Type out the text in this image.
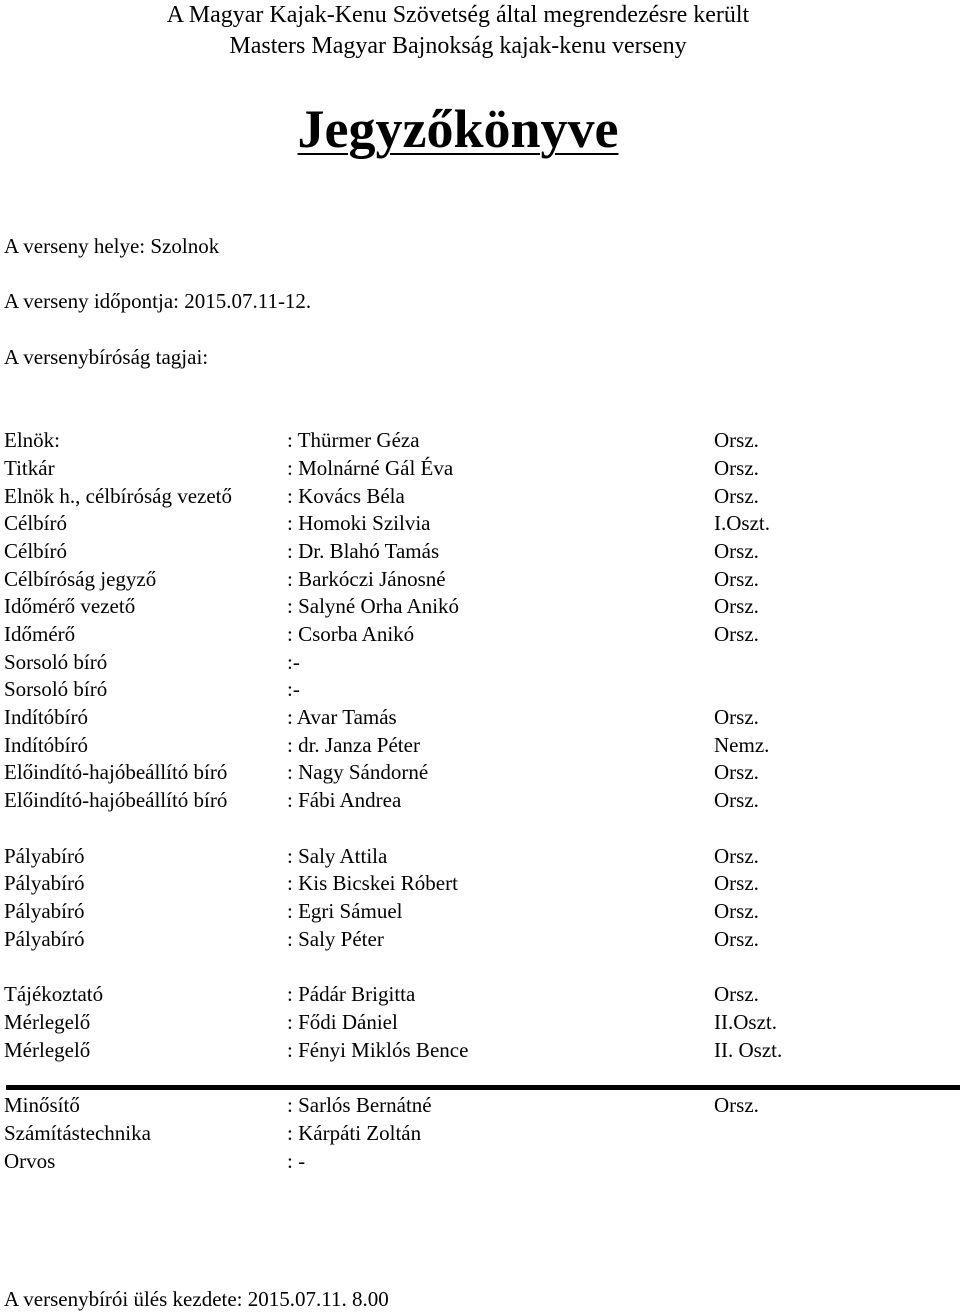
A Magyar Kajak-Kenu Szövetség által megrendezésre került
Masters Magyar Bajnokság kajak-kenu verseny
Jegyzőkönyve
A verseny helye: Szolnok
A verseny időpontja: 2015.07.11-12.
A versenybíróság tagjai:
Elnök:	: Thürmer Géza	Orsz.
Titkár	: Molnárné Gál Éva	Orsz.
Elnök h., célbíróság vezető	: Kovács Béla	Orsz.
Célbíró	: Homoki Szilvia	I.Oszt.
Célbíró	: Dr. Blahó Tamás	Orsz.
Célbíróság jegyző	: Barkóczi Jánosné	Orsz.
Időmérő vezető	: Salyné Orha Anikó	Orsz.
Időmérő	: Csorba Anikó	Orsz.
Sorsoló bíró	:-
Sorsoló bíró	:-
Indítóbíró	: Avar Tamás	Orsz.
Indítóbíró	: dr. Janza Péter	Nemz.
Előindító-hajóbeállító bíró	: Nagy Sándorné	Orsz.
Előindító-hajóbeállító bíró	: Fábi Andrea	Orsz.
Pályabíró	: Saly Attila	Orsz.
Pályabíró	: Kis Bicskei Róbert	Orsz.
Pályabíró	: Egri Sámuel	Orsz.
Pályabíró	: Saly Péter	Orsz.
Tájékoztató	: Pádár Brigitta	Orsz.
Mérlegelő	: Fődi Dániel	II.Oszt.
Mérlegelő	: Fényi Miklós Bence	II. Oszt.
Minősítő	: Sarlós Bernátné	Orsz.
Számítástechnika	: Kárpáti Zoltán
Orvos	: -
A versenybírói ülés kezdete: 2015.07.11. 8.00
